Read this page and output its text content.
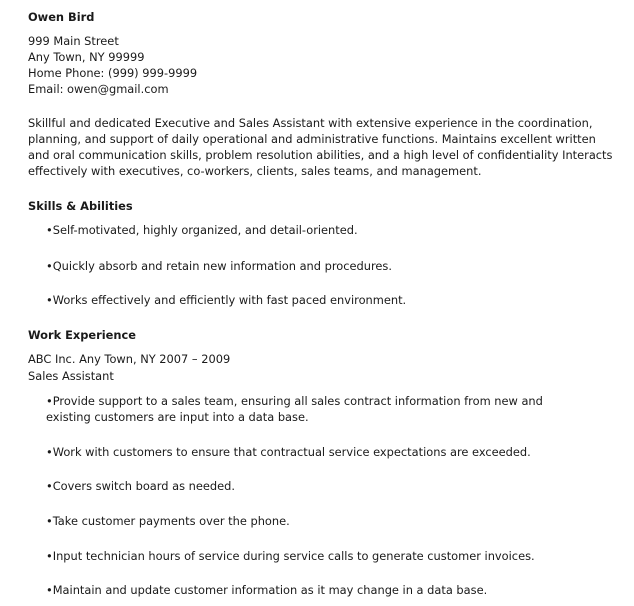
Owen Bird
999 Main Street
Any Town, NY 99999
Home Phone: (999) 999-9999
Email: owen@gmail.com
Skillful and dedicated Executive and Sales Assistant with extensive experience in the coordination, planning, and support of daily operational and administrative functions. Maintains excellent written and oral communication skills, problem resolution abilities, and a high level of confidentiality Interacts effectively with executives, co-workers, clients, sales teams, and management.
Skills & Abilities
•Self-motivated, highly organized, and detail-oriented.
•Quickly absorb and retain new information and procedures.
•Works effectively and efficiently with fast paced environment.
Work Experience
ABC Inc. Any Town, NY 2007 – 2009
Sales Assistant
•Provide support to a sales team, ensuring all sales contract information from new and existing customers are input into a data base.
•Work with customers to ensure that contractual service expectations are exceeded.
•Covers switch board as needed.
•Take customer payments over the phone.
•Input technician hours of service during service calls to generate customer invoices.
•Maintain and update customer information as it may change in a data base.
